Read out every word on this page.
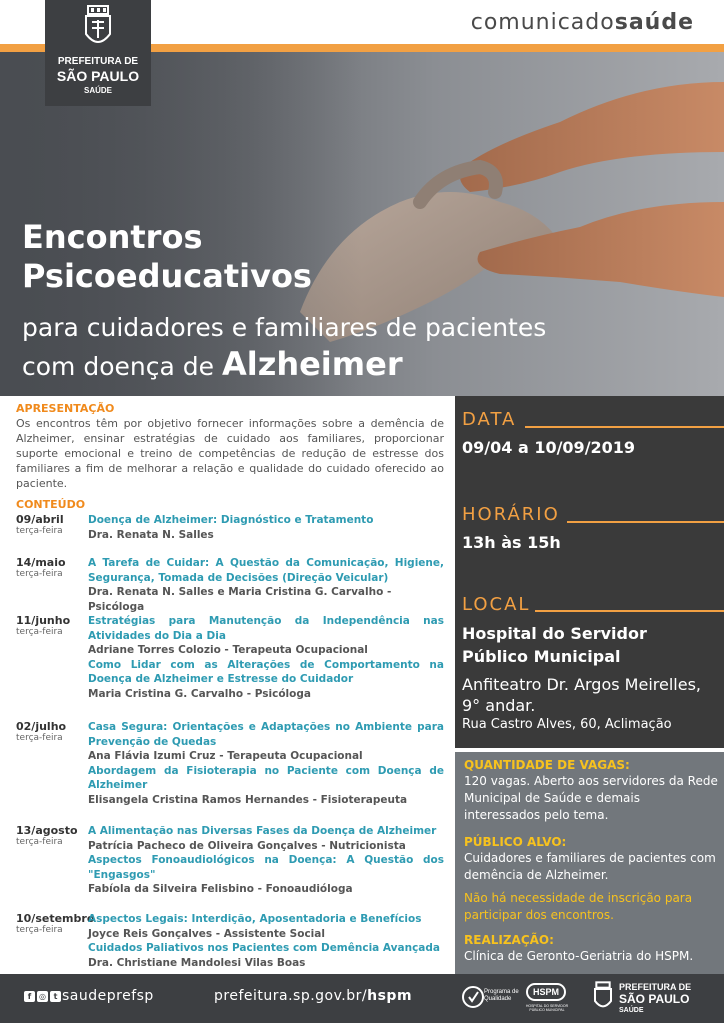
comunicadosaúde
PREFEITURA DE
SÃO PAULO
SAÚDE
Encontros
Psicoeducativos
para cuidadores e familiares de pacientes
com doença de Alzheimer
APRESENTAÇÃO
Os encontros têm por objetivo fornecer informações sobre a demência de Alzheimer, ensinar estratégias de cuidado aos familiares, proporcionar suporte emocional e treino de competências de redução de estresse dos familiares a fim de melhorar a relação e qualidade do cuidado oferecido ao paciente.
CONTEÚDO
09/abril
terça-feira
Doença de Alzheimer: Diagnóstico e Tratamento
Dra. Renata N. Salles
14/maio
terça-feira
A Tarefa de Cuidar: A Questão da Comunicação, Higiene, Segurança, Tomada de Decisões (Direção Veicular)
Dra. Renata N. Salles e Maria Cristina G. Carvalho - Psicóloga
11/junho
terça-feira
Estratégias para Manutenção da Independência nas Atividades do Dia a Dia
Adriane Torres Colozio - Terapeuta Ocupacional
Como Lidar com as Alterações de Comportamento na Doença de Alzheimer e Estresse do Cuidador
Maria Cristina G. Carvalho - Psicóloga
02/julho
terça-feira
Casa Segura: Orientações e Adaptações no Ambiente para Prevenção de Quedas
Ana Flávia Izumi Cruz - Terapeuta Ocupacional
Abordagem da Fisioterapia no Paciente com Doença de Alzheimer
Elisangela Cristina Ramos Hernandes - Fisioterapeuta
13/agosto
terça-feira
A Alimentação nas Diversas Fases da Doença de Alzheimer
Patrícia Pacheco de Oliveira Gonçalves - Nutricionista
Aspectos Fonoaudiológicos na Doença: A Questão dos "Engasgos"
Fabíola da Silveira Felisbino - Fonoaudióloga
10/setembro
terça-feira
Aspectos Legais: Interdição, Aposentadoria e Benefícios
Joyce Reis Gonçalves - Assistente Social
Cuidados Paliativos nos Pacientes com Demência Avançada
Dra. Christiane Mandolesi Vilas Boas
DATA
09/04 a 10/09/2019
HORÁRIO
13h às 15h
LOCAL
Hospital do Servidor
Público Municipal
Anfiteatro Dr. Argos Meirelles, 9° andar.
Rua Castro Alves, 60, Aclimação
QUANTIDADE DE VAGAS:
120 vagas. Aberto aos servidores da Rede Municipal de Saúde e demais interessados pelo tema.
PÚBLICO ALVO:
Cuidadores e familiares de pacientes com demência de Alzheimer.
Não há necessidade de inscrição para participar dos encontros.
REALIZAÇÃO:
Clínica de Geronto-Geriatria do HSPM.
f ◎ t saudeprefsp	prefeitura.sp.gov.br/hspm	Programa de Qualidade
HSPM
HOSPITAL DO SERVIDOR PÚBLICO MUNICIPAL
PREFEITURA DE
SÃO PAULO
SAÚDE
